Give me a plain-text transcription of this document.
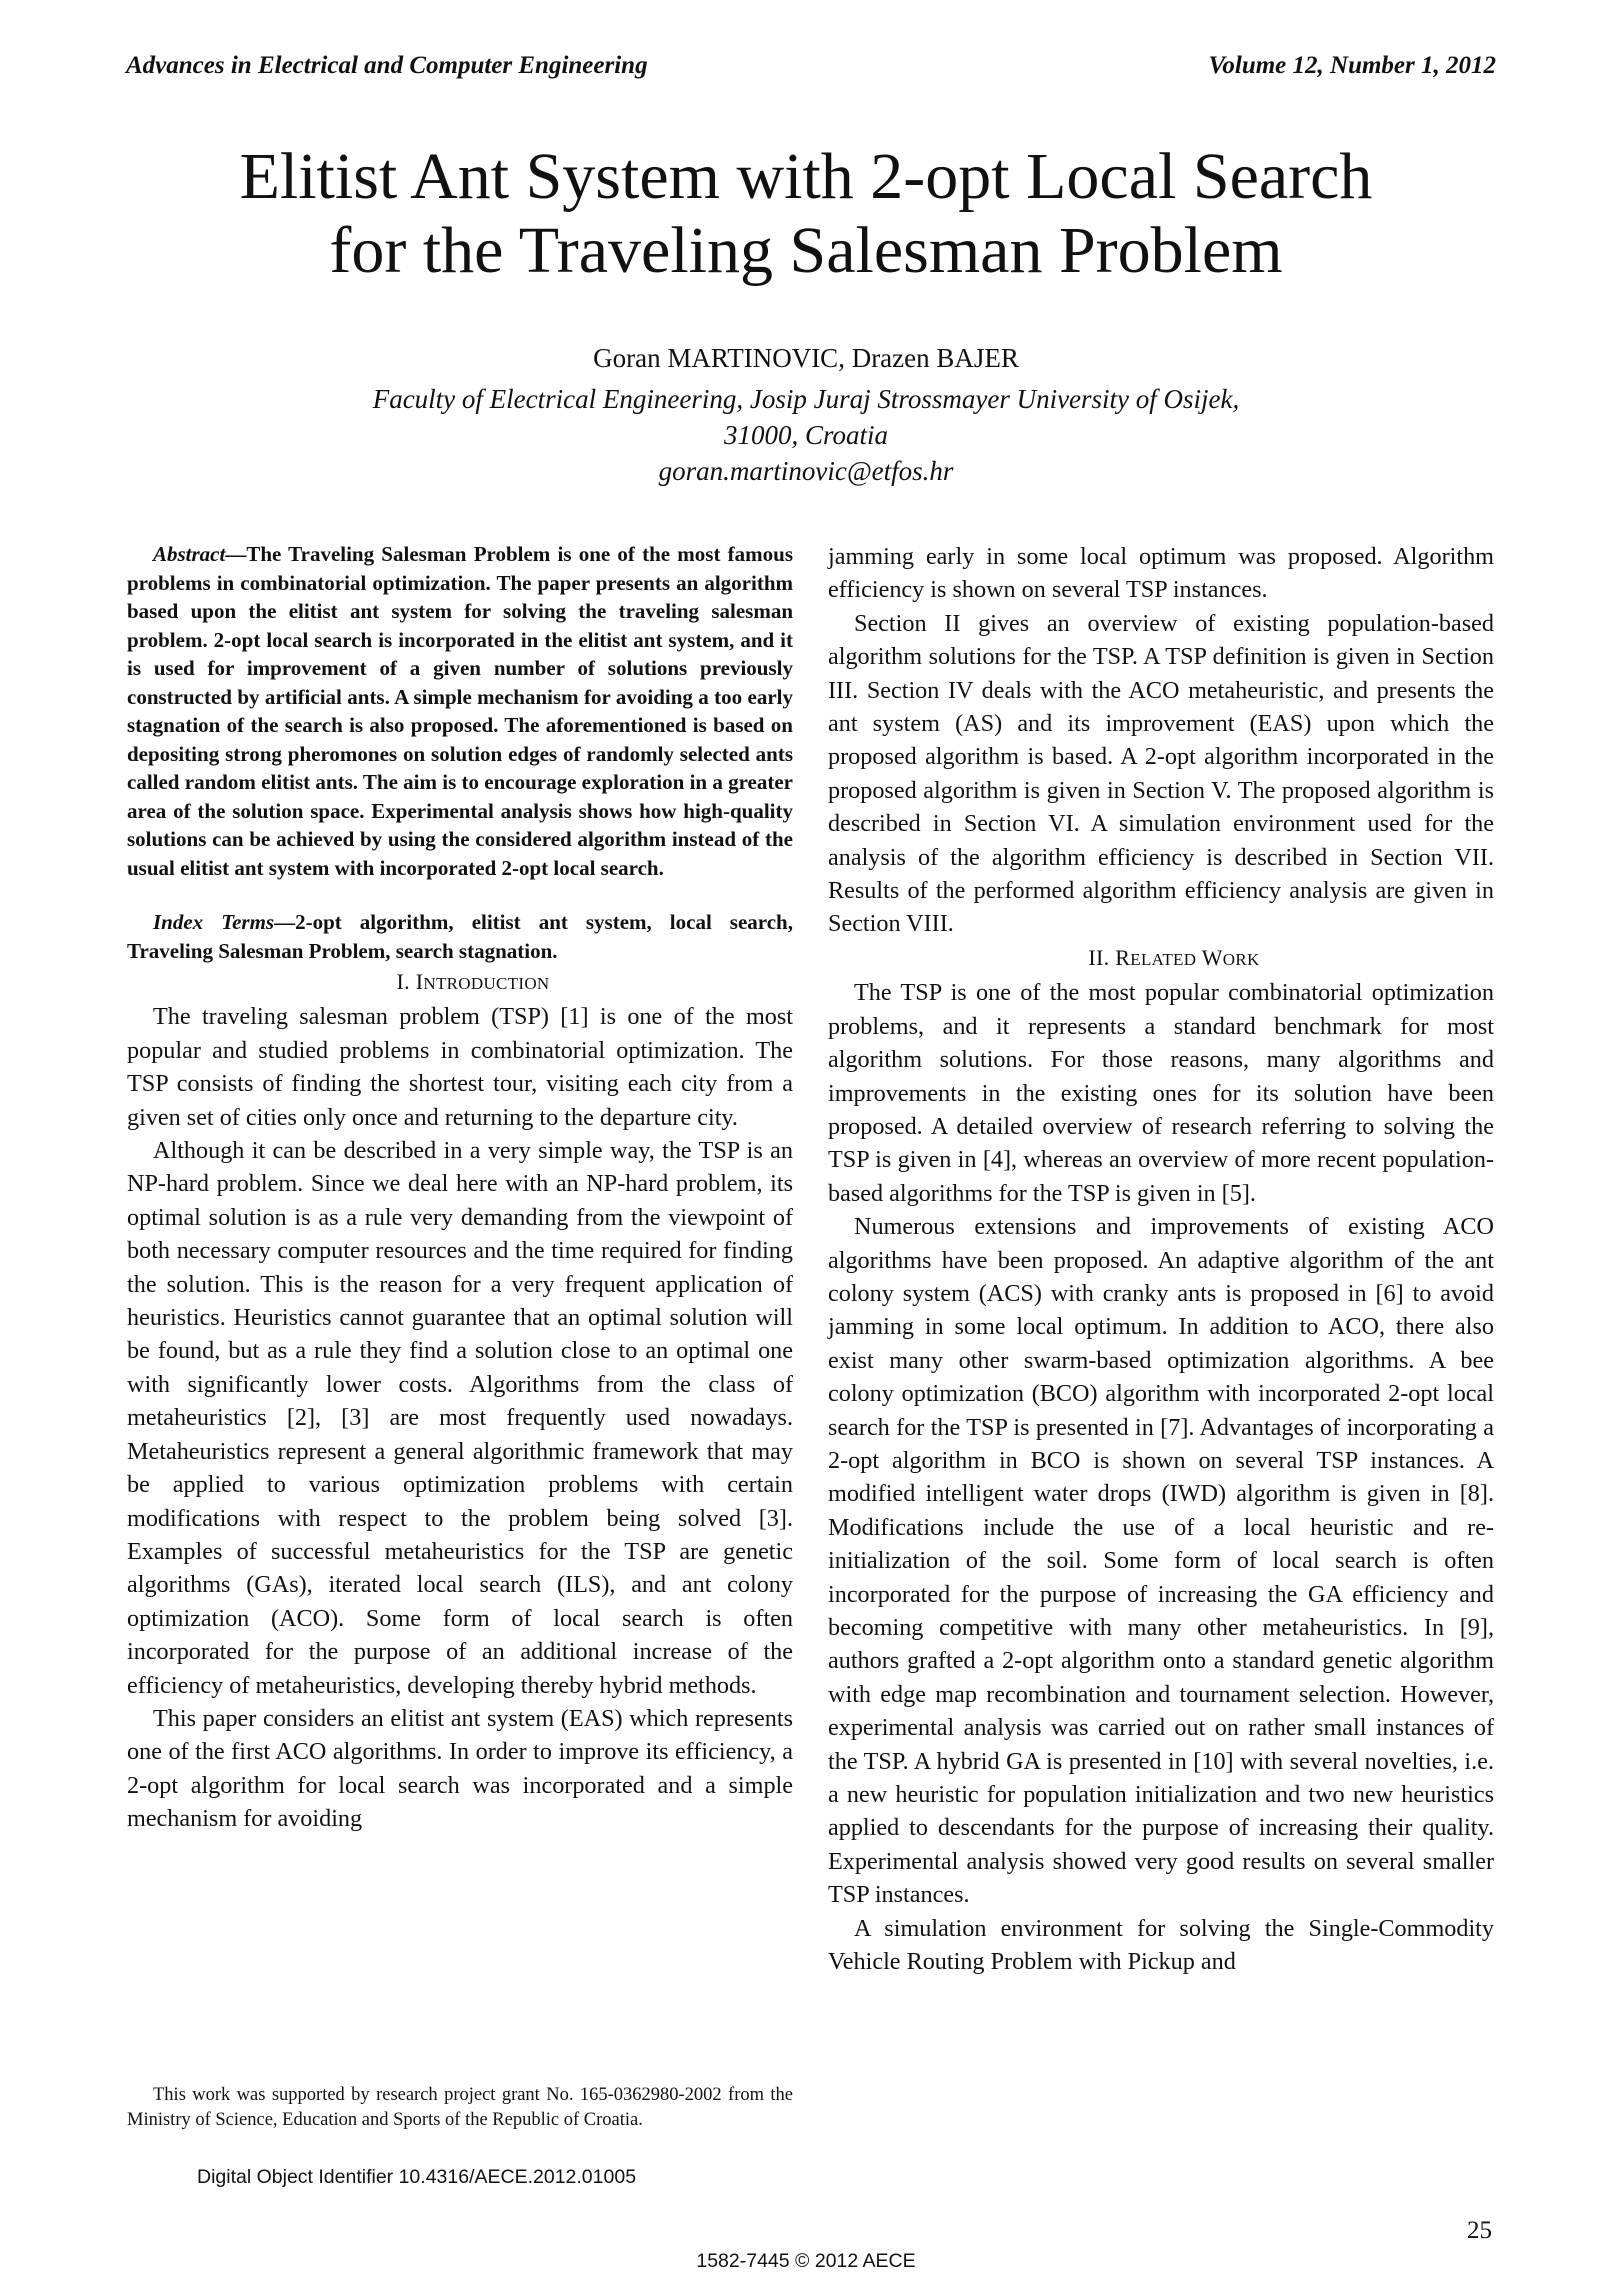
Advances in Electrical and Computer Engineering	Volume 12, Number 1, 2012
Elitist Ant System with 2-opt Local Search
for the Traveling Salesman Problem
Goran MARTINOVIC, Drazen BAJER
Faculty of Electrical Engineering, Josip Juraj Strossmayer University of Osijek,
31000, Croatia
goran.martinovic@etfos.hr

Abstract—The Traveling Salesman Problem is one of the most famous problems in combinatorial optimization. The paper presents an algorithm based upon the elitist ant system for solving the traveling salesman problem. 2-opt local search is incorporated in the elitist ant system, and it is used for improvement of a given number of solutions previously constructed by artificial ants. A simple mechanism for avoiding a too early stagnation of the search is also proposed. The aforementioned is based on depositing strong pheromones on solution edges of randomly selected ants called random elitist ants. The aim is to encourage exploration in a greater area of the solution space. Experimental analysis shows how high-quality solutions can be achieved by using the considered algorithm instead of the usual elitist ant system with incorporated 2-opt local search.

Index Terms—2-opt algorithm, elitist ant system, local search, Traveling Salesman Problem, search stagnation.

I. INTRODUCTION

The traveling salesman problem (TSP) [1] is one of the most popular and studied problems in combinatorial optimization. The TSP consists of finding the shortest tour, visiting each city from a given set of cities only once and returning to the departure city.

Although it can be described in a very simple way, the TSP is an NP-hard problem. Since we deal here with an NP-hard problem, its optimal solution is as a rule very demanding from the viewpoint of both necessary computer resources and the time required for finding the solution. This is the reason for a very frequent application of heuristics. Heuristics cannot guarantee that an optimal solution will be found, but as a rule they find a solution close to an optimal one with significantly lower costs. Algorithms from the class of metaheuristics [2], [3] are most frequently used nowadays. Metaheuristics represent a general algorithmic framework that may be applied to various optimization problems with certain modifications with respect to the problem being solved [3]. Examples of successful metaheuristics for the TSP are genetic algorithms (GAs), iterated local search (ILS), and ant colony optimization (ACO). Some form of local search is often incorporated for the purpose of an additional increase of the efficiency of metaheuristics, developing thereby hybrid methods.

This paper considers an elitist ant system (EAS) which represents one of the first ACO algorithms. In order to improve its efficiency, a 2-opt algorithm for local search was incorporated and a simple mechanism for avoiding

jamming early in some local optimum was proposed. Algorithm efficiency is shown on several TSP instances.

Section II gives an overview of existing population-based algorithm solutions for the TSP. A TSP definition is given in Section III. Section IV deals with the ACO metaheuristic, and presents the ant system (AS) and its improvement (EAS) upon which the proposed algorithm is based. A 2-opt algorithm incorporated in the proposed algorithm is given in Section V. The proposed algorithm is described in Section VI. A simulation environment used for the analysis of the algorithm efficiency is described in Section VII. Results of the performed algorithm efficiency analysis are given in Section VIII.

II. RELATED WORK

The TSP is one of the most popular combinatorial optimization problems, and it represents a standard benchmark for most algorithm solutions. For those reasons, many algorithms and improvements in the existing ones for its solution have been proposed. A detailed overview of research referring to solving the TSP is given in [4], whereas an overview of more recent population-based algorithms for the TSP is given in [5].

Numerous extensions and improvements of existing ACO algorithms have been proposed. An adaptive algorithm of the ant colony system (ACS) with cranky ants is proposed in [6] to avoid jamming in some local optimum. In addition to ACO, there also exist many other swarm-based optimization algorithms. A bee colony optimization (BCO) algorithm with incorporated 2-opt local search for the TSP is presented in [7]. Advantages of incorporating a 2-opt algorithm in BCO is shown on several TSP instances. A modified intelligent water drops (IWD) algorithm is given in [8]. Modifications include the use of a local heuristic and re-initialization of the soil. Some form of local search is often incorporated for the purpose of increasing the GA efficiency and becoming competitive with many other metaheuristics. In [9], authors grafted a 2-opt algorithm onto a standard genetic algorithm with edge map recombination and tournament selection. However, experimental analysis was carried out on rather small instances of the TSP. A hybrid GA is presented in [10] with several novelties, i.e. a new heuristic for population initialization and two new heuristics applied to descendants for the purpose of increasing their quality. Experimental analysis showed very good results on several smaller TSP instances.

A simulation environment for solving the Single-Commodity Vehicle Routing Problem with Pickup and

This work was supported by research project grant No. 165-0362980-2002 from the Ministry of Science, Education and Sports of the Republic of Croatia.
Digital Object Identifier 10.4316/AECE.2012.01005
25
1582-7445 © 2012 AECE
